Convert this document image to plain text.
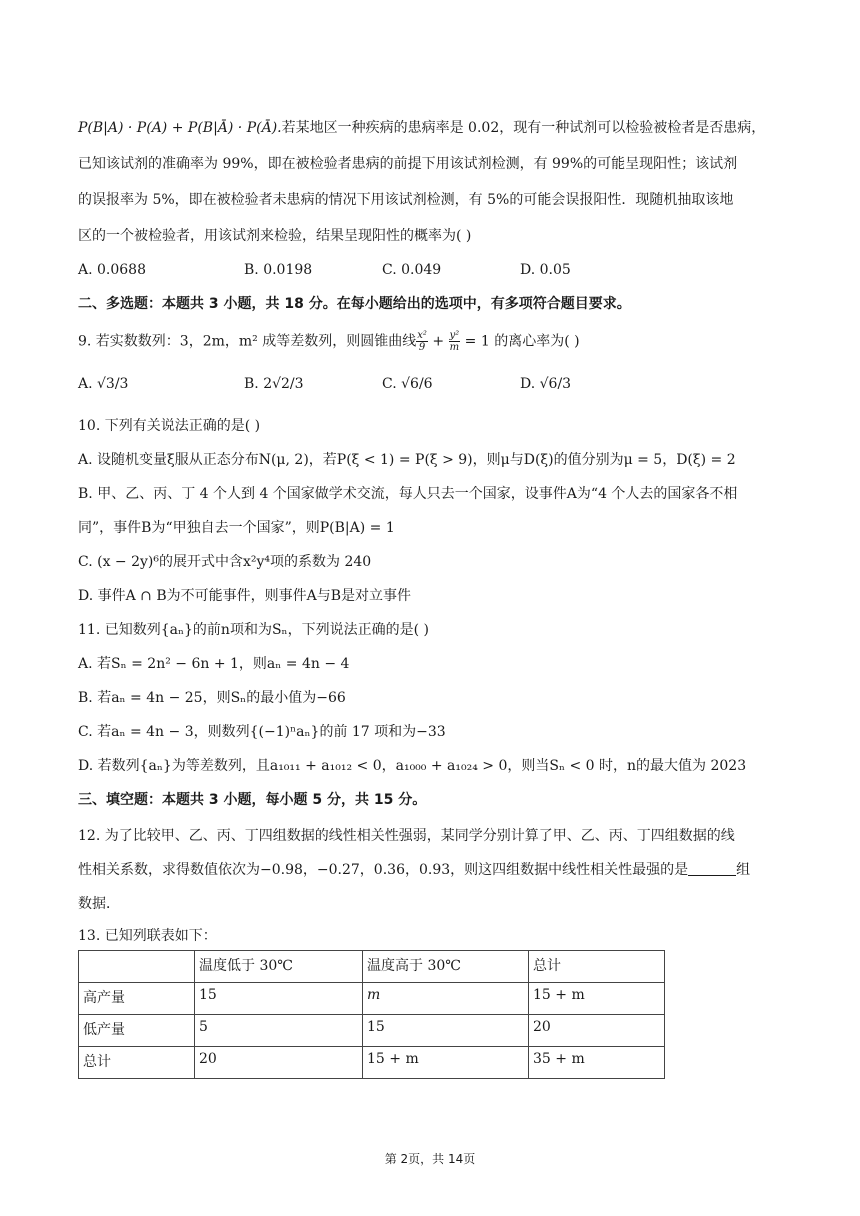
P(B|A) · P(A) + P(B|Ā) · P(Ā).若某地区一种疾病的患病率是 0.02，现有一种试剂可以检验被检者是否患病，
已知该试剂的准确率为 99%，即在被检验者患病的前提下用该试剂检测，有 99%的可能呈现阳性；该试剂
的误报率为 5%，即在被检验者未患病的情况下用该试剂检测，有 5%的可能会误报阳性．现随机抽取该地
区的一个被检验者，用该试剂来检验，结果呈现阳性的概率为( )
A. 0.0688	B. 0.0198	C. 0.049	D. 0.05
二、多选题：本题共 3 小题，共 18 分。在每小题给出的选项中，有多项符合题目要求。
9. 若实数数列：3，2m，m² 成等差数列，则圆锥曲线 $\frac{\text{x²}}{9} + \frac{\text{y²}}{m} = 1$ 的离心率为( )
A. √3/3	B. 2√2/3	C. √6/6	D. √6/3
10. 下列有关说法正确的是( )
A. 设随机变量ξ服从正态分布N(μ, 2)，若P(ξ < 1) = P(ξ > 9)，则μ与D(ξ)的值分别为μ = 5，D(ξ) = 2
B. 甲、乙、丙、丁 4 个人到 4 个国家做学术交流，每人只去一个国家，设事件A为“4 个人去的国家各不相
同”，事件B为“甲独自去一个国家”，则P(B|A) = 1
C. (x − 2y)⁶的展开式中含x²y⁴项的系数为 240
D. 事件A ∩ B为不可能事件，则事件A与B是对立事件
11. 已知数列{aₙ}的前n项和为Sₙ，下列说法正确的是( )
A. 若Sₙ = 2n² − 6n + 1，则aₙ = 4n − 4
B. 若aₙ = 4n − 25，则Sₙ的最小值为−66
C. 若aₙ = 4n − 3，则数列{(−1)ⁿaₙ}的前 17 项和为−33
D. 若数列{aₙ}为等差数列，且a₁₀₁₁ + a₁₀₁₂ < 0，a₁₀₀₀ + a₁₀₂₄ > 0，则当Sₙ < 0 时，n的最大值为 2023
三、填空题：本题共 3 小题，每小题 5 分，共 15 分。
12. 为了比较甲、乙、丙、丁四组数据的线性相关性强弱，某同学分别计算了甲、乙、丙、丁四组数据的线
性相关系数，求得数值依次为−0.98，−0.27，0.36，0.93，则这四组数据中线性相关性最强的是	组
数据．
13. 已知列联表如下：
	温度低于 30℃	温度高于 30℃	总计
高产量	15	m	15 + m
低产量	5	15	20
总计	20	15 + m	35 + m
第 2页，共 14页
